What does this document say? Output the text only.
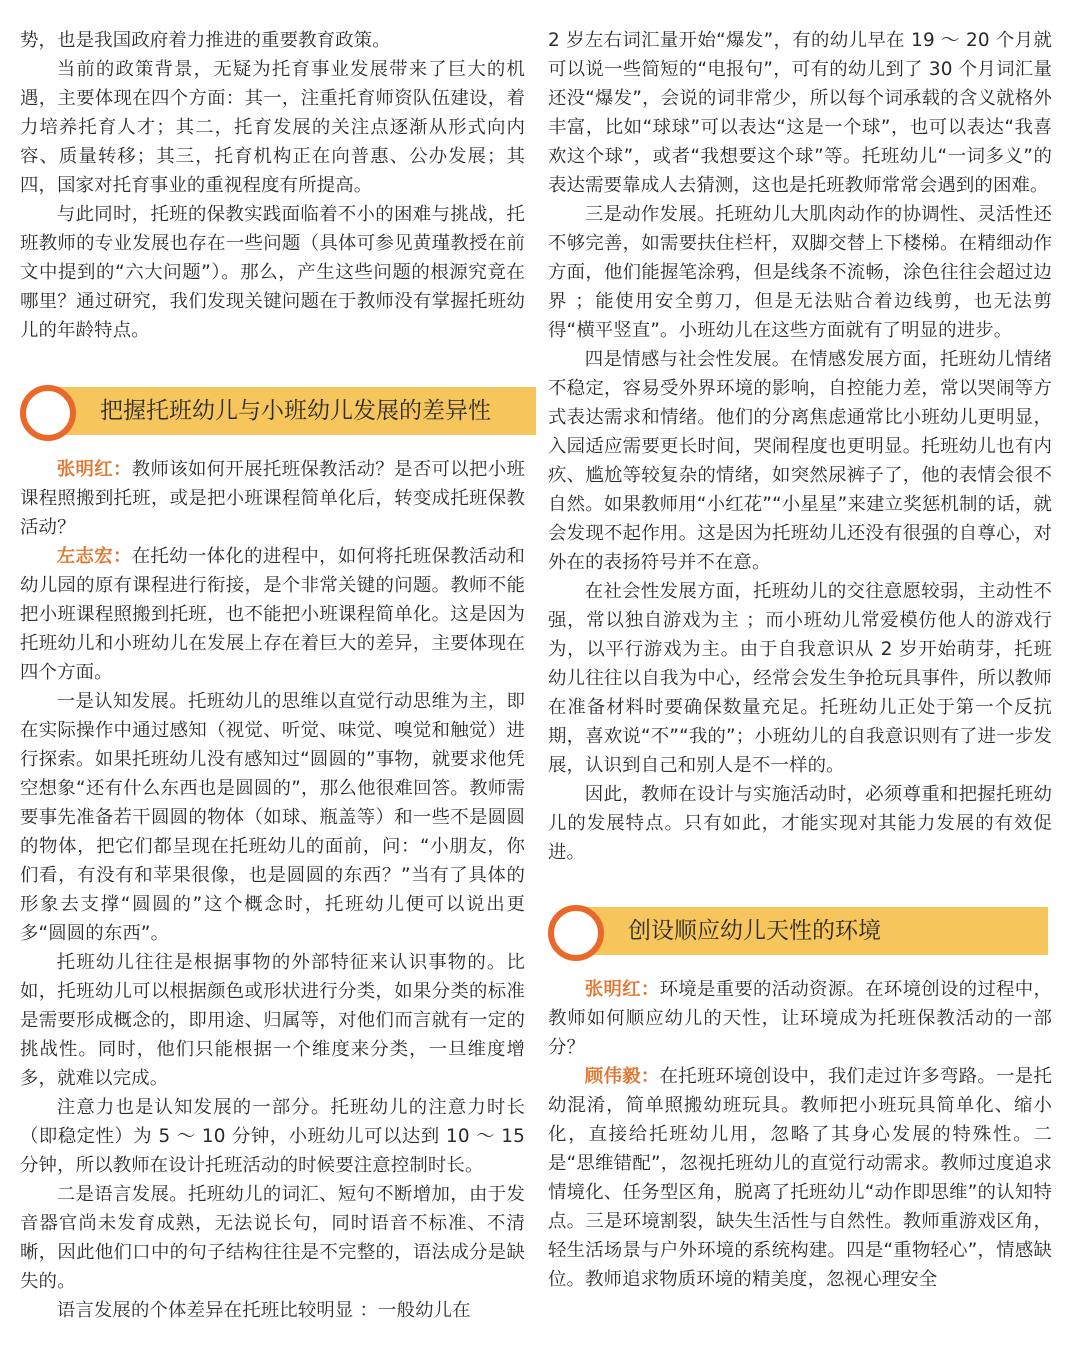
势，也是我国政府着力推进的重要教育政策。

当前的政策背景，无疑为托育事业发展带来了巨大的机遇，主要体现在四个方面：其一，注重托育师资队伍建设，着力培养托育人才；其二，托育发展的关注点逐渐从形式向内容、质量转移；其三，托育机构正在向普惠、公办发展；其四，国家对托育事业的重视程度有所提高。

与此同时，托班的保教实践面临着不小的困难与挑战，托班教师的专业发展也存在一些问题（具体可参见黄瑾教授在前文中提到的“六大问题”）。那么，产生这些问题的根源究竟在哪里？通过研究，我们发现关键问题在于教师没有掌握托班幼儿的年龄特点。

把握托班幼儿与小班幼儿发展的差异性

张明红：教师该如何开展托班保教活动？是否可以把小班课程照搬到托班，或是把小班课程简单化后，转变成托班保教活动？

左志宏：在托幼一体化的进程中，如何将托班保教活动和幼儿园的原有课程进行衔接，是个非常关键的问题。教师不能把小班课程照搬到托班，也不能把小班课程简单化。这是因为托班幼儿和小班幼儿在发展上存在着巨大的差异，主要体现在四个方面。

一是认知发展。托班幼儿的思维以直觉行动思维为主，即在实际操作中通过感知（视觉、听觉、味觉、嗅觉和触觉）进行探索。如果托班幼儿没有感知过“圆圆的”事物，就要求他凭空想象“还有什么东西也是圆圆的”，那么他很难回答。教师需要事先准备若干圆圆的物体（如球、瓶盖等）和一些不是圆圆的物体，把它们都呈现在托班幼儿的面前，问：“小朋友，你们看，有没有和苹果很像，也是圆圆的东西？”当有了具体的形象去支撑“圆圆的”这个概念时，托班幼儿便可以说出更多“圆圆的东西”。

托班幼儿往往是根据事物的外部特征来认识事物的。比如，托班幼儿可以根据颜色或形状进行分类，如果分类的标准是需要形成概念的，即用途、归属等，对他们而言就有一定的挑战性。同时，他们只能根据一个维度来分类，一旦维度增多，就难以完成。

注意力也是认知发展的一部分。托班幼儿的注意力时长（即稳定性）为 5 ～ 10 分钟，小班幼儿可以达到 10 ～ 15 分钟，所以教师在设计托班活动的时候要注意控制时长。

二是语言发展。托班幼儿的词汇、短句不断增加，由于发音器官尚未发育成熟，无法说长句，同时语音不标准、不清晰，因此他们口中的句子结构往往是不完整的，语法成分是缺失的。

语言发展的个体差异在托班比较明显 ：一般幼儿在

2 岁左右词汇量开始“爆发”，有的幼儿早在 19 ～ 20 个月就可以说一些简短的“电报句”，可有的幼儿到了 30 个月词汇量还没“爆发”，会说的词非常少，所以每个词承载的含义就格外丰富，比如“球球”可以表达“这是一个球”，也可以表达“我喜欢这个球”，或者“我想要这个球”等。托班幼儿“一词多义”的表达需要靠成人去猜测，这也是托班教师常常会遇到的困难。

三是动作发展。托班幼儿大肌肉动作的协调性、灵活性还不够完善，如需要扶住栏杆，双脚交替上下楼梯。在精细动作方面，他们能握笔涂鸦，但是线条不流畅，涂色往往会超过边界 ；能使用安全剪刀，但是无法贴合着边线剪，也无法剪得“横平竖直”。小班幼儿在这些方面就有了明显的进步。

四是情感与社会性发展。在情感发展方面，托班幼儿情绪不稳定，容易受外界环境的影响，自控能力差，常以哭闹等方式表达需求和情绪。他们的分离焦虑通常比小班幼儿更明显，入园适应需要更长时间，哭闹程度也更明显。托班幼儿也有内疚、尴尬等较复杂的情绪，如突然尿裤子了，他的表情会很不自然。如果教师用“小红花”“小星星”来建立奖惩机制的话，就会发现不起作用。这是因为托班幼儿还没有很强的自尊心，对外在的表扬符号并不在意。

在社会性发展方面，托班幼儿的交往意愿较弱，主动性不强，常以独自游戏为主 ；而小班幼儿常爱模仿他人的游戏行为，以平行游戏为主。由于自我意识从 2 岁开始萌芽，托班幼儿往往以自我为中心，经常会发生争抢玩具事件，所以教师在准备材料时要确保数量充足。托班幼儿正处于第一个反抗期，喜欢说“不”“我的”；小班幼儿的自我意识则有了进一步发展，认识到自己和别人是不一样的。

因此，教师在设计与实施活动时，必须尊重和把握托班幼儿的发展特点。只有如此，才能实现对其能力发展的有效促进。

创设顺应幼儿天性的环境

张明红：环境是重要的活动资源。在环境创设的过程中，教师如何顺应幼儿的天性，让环境成为托班保教活动的一部分？

顾伟毅：在托班环境创设中，我们走过许多弯路。一是托幼混淆，简单照搬幼班玩具。教师把小班玩具简单化、缩小化，直接给托班幼儿用，忽略了其身心发展的特殊性。二是“思维错配”，忽视托班幼儿的直觉行动需求。教师过度追求情境化、任务型区角，脱离了托班幼儿“动作即思维”的认知特点。三是环境割裂，缺失生活性与自然性。教师重游戏区角，轻生活场景与户外环境的系统构建。四是“重物轻心”，情感缺位。教师追求物质环境的精美度，忽视心理安全
